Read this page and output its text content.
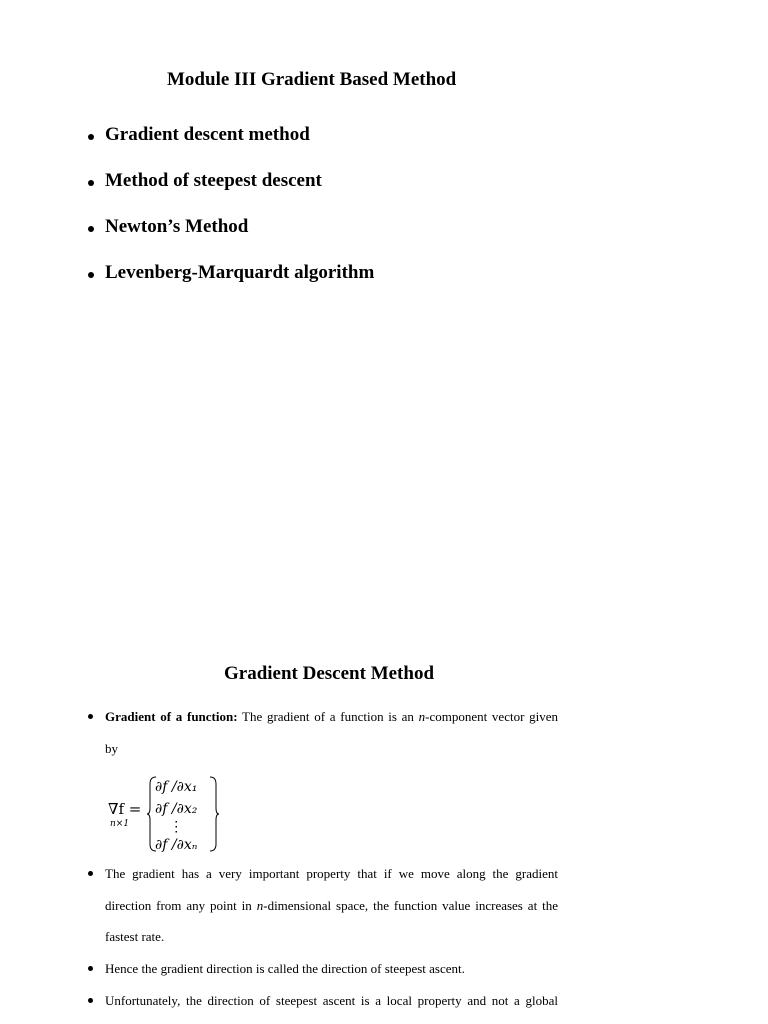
Module III Gradient Based Method
Gradient descent method
Method of steepest descent
Newton’s Method
Levenberg-Marquardt algorithm
Gradient Descent Method
Gradient of a function: The gradient of a function is an n-component vector given
by
∇f =
n×1
∂f /∂x₁
∂f /∂x₂
⋮
∂f /∂xₙ
The gradient has a very important property that if we move along the gradient
direction from any point in n-dimensional space, the function value increases at the
fastest rate.
Hence the gradient direction is called the direction of steepest ascent.
Unfortunately, the direction of steepest ascent is a local property and not a global
